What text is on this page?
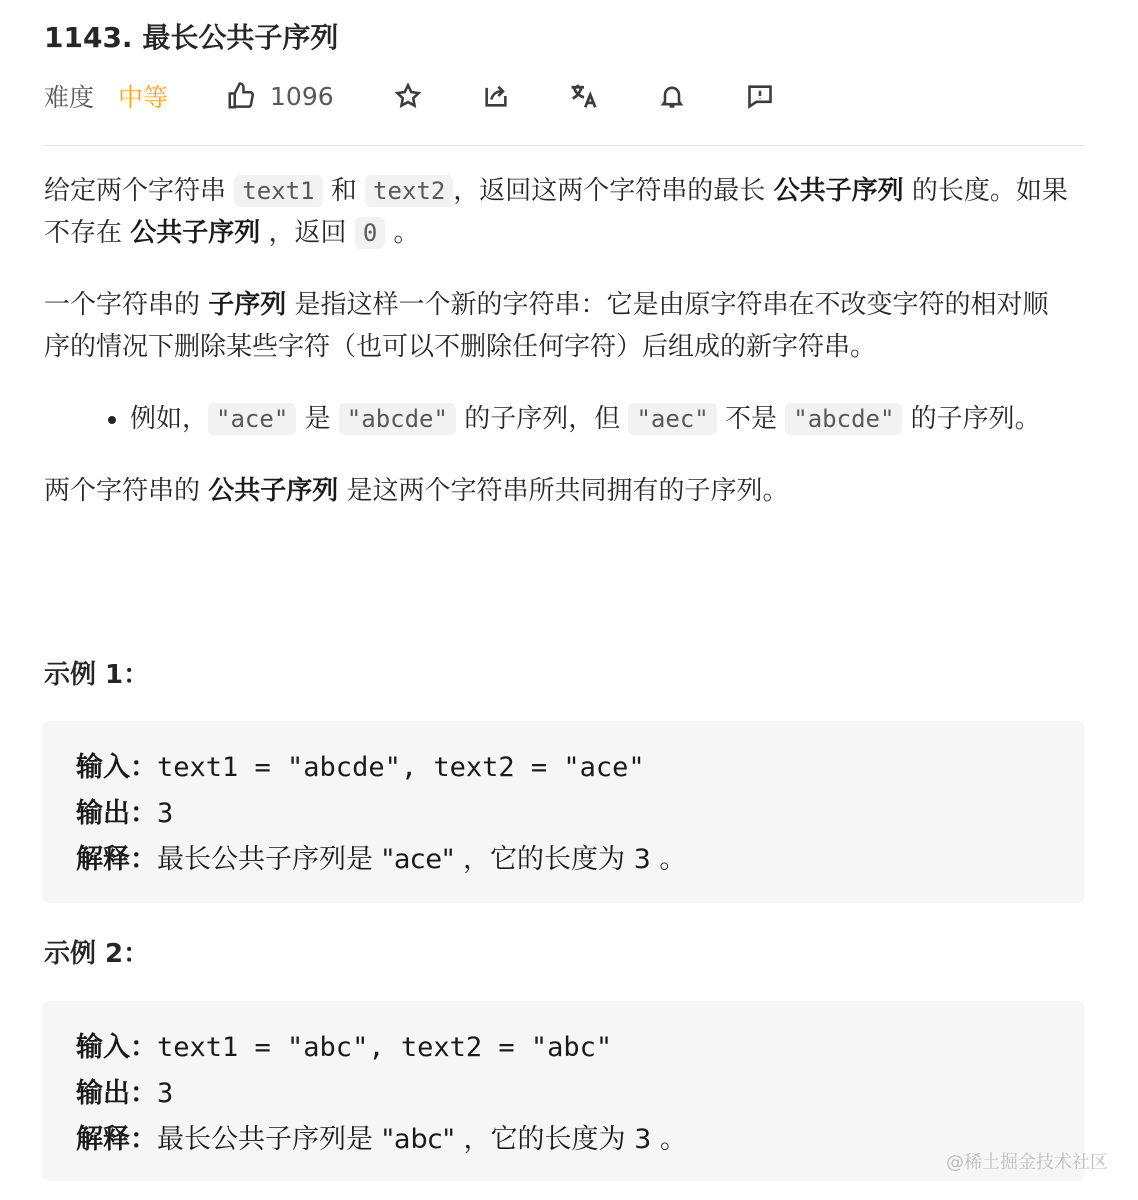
1143. 最长公共子序列
难度 中等	1096

给定两个字符串 text1 和 text2 ，返回这两个字符串的最长 公共子序列 的长度。如果不存在 公共子序列 ，返回 0 。

一个字符串的 子序列 是指这样一个新的字符串：它是由原字符串在不改变字符的相对顺序的情况下删除某些字符（也可以不删除任何字符）后组成的新字符串。

• 例如， "ace" 是 "abcde" 的子序列，但 "aec" 不是 "abcde" 的子序列。

两个字符串的 公共子序列 是这两个字符串所共同拥有的子序列。

示例 1：
输入：text1 = "abcde", text2 = "ace"
输出：3
解释：最长公共子序列是 "ace" ，它的长度为 3 。
示例 2：
输入：text1 = "abc", text2 = "abc"
输出：3
解释：最长公共子序列是 "abc" ，它的长度为 3 。
@稀土掘金技术社区
